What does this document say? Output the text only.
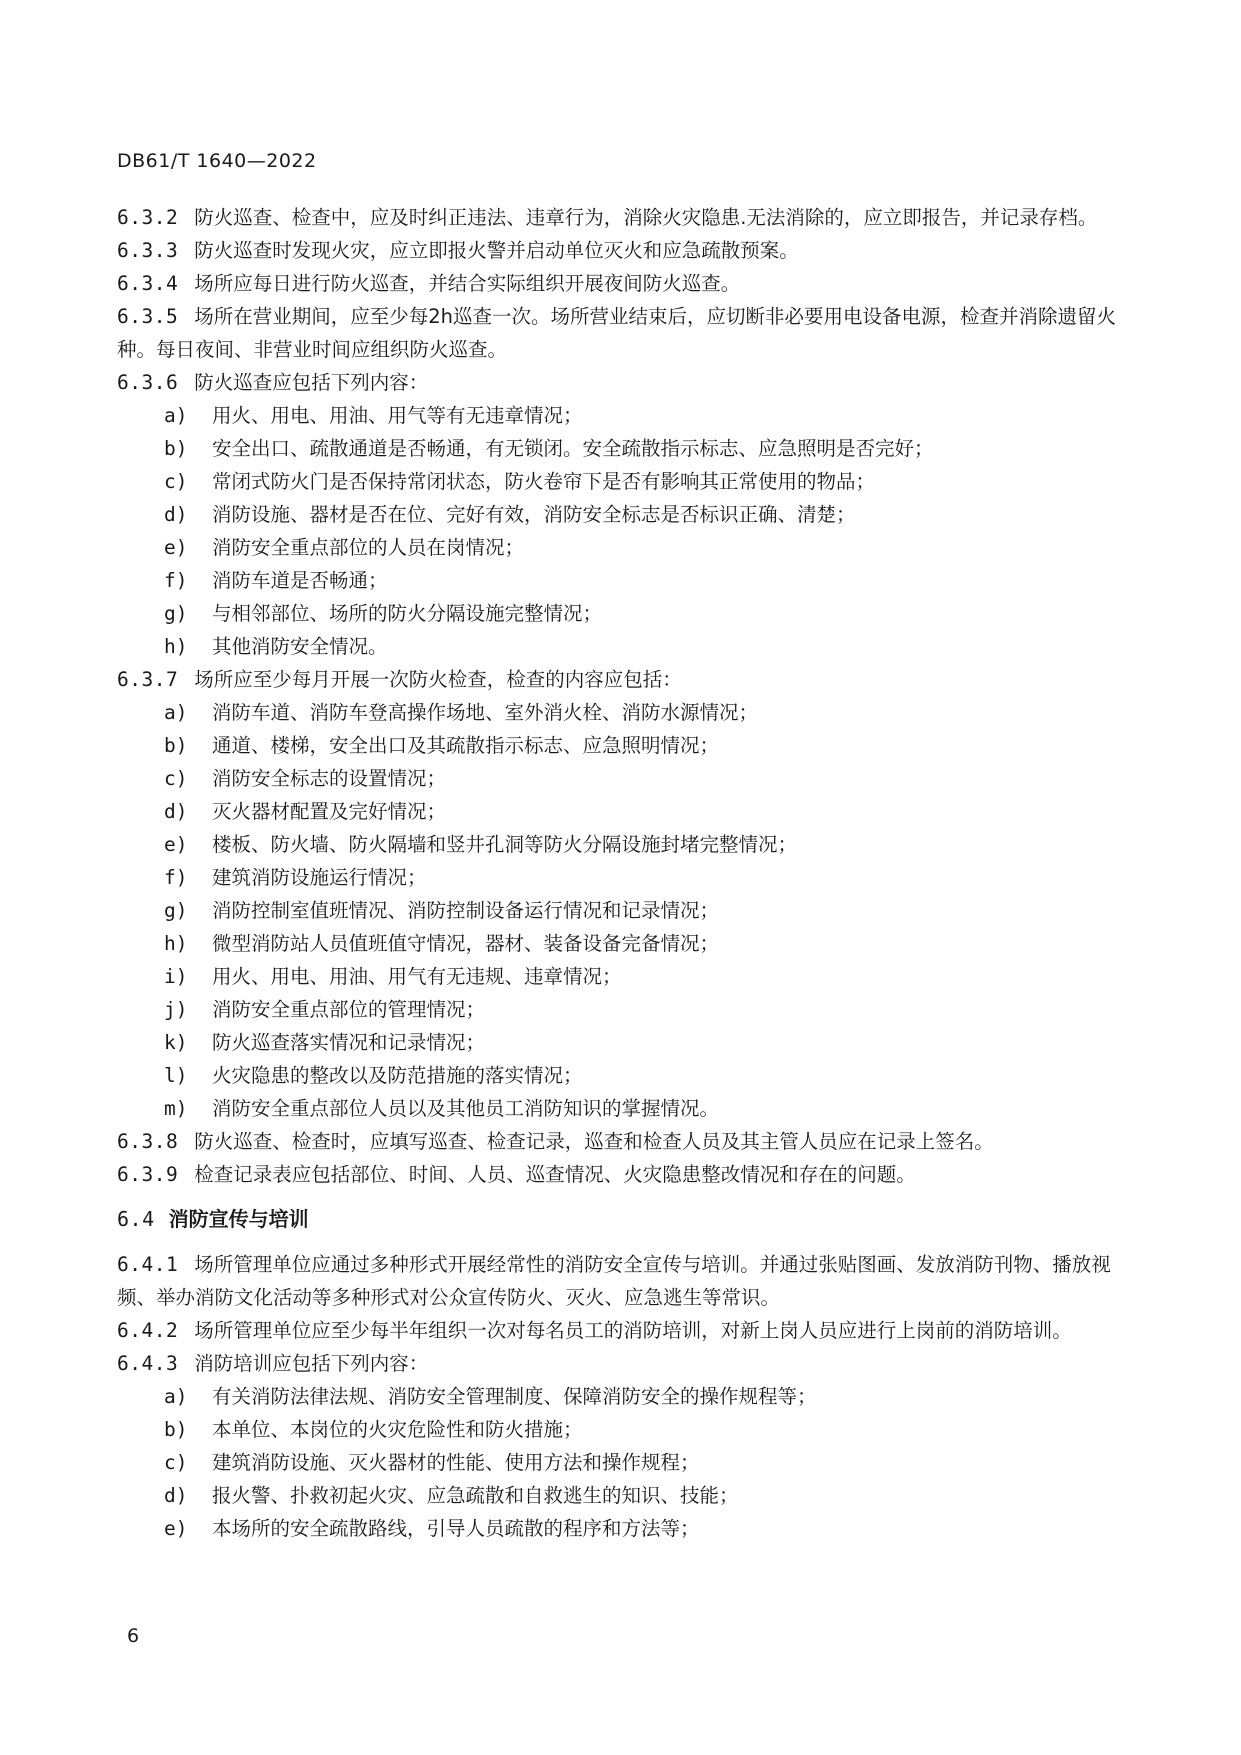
DB61/T 1640—2022

6.3.2 防火巡查、检查中，应及时纠正违法、违章行为，消除火灾隐患.无法消除的，应立即报告，并记录存档。

6.3.3 防火巡查时发现火灾，应立即报火警并启动单位灭火和应急疏散预案。

6.3.4 场所应每日进行防火巡查，并结合实际组织开展夜间防火巡查。

6.3.5 场所在营业期间，应至少每2h巡查一次。场所营业结束后，应切断非必要用电设备电源，检查并消除遗留火种。每日夜间、非营业时间应组织防火巡查。

6.3.6 防火巡查应包括下列内容：

a)	用火、用电、用油、用气等有无违章情况；
b)	安全出口、疏散通道是否畅通，有无锁闭。安全疏散指示标志、应急照明是否完好；
c)	常闭式防火门是否保持常闭状态，防火卷帘下是否有影响其正常使用的物品；
d)	消防设施、器材是否在位、完好有效，消防安全标志是否标识正确、清楚；
e)	消防安全重点部位的人员在岗情况；
f)	消防车道是否畅通；
g)	与相邻部位、场所的防火分隔设施完整情况；
h)	其他消防安全情况。

6.3.7 场所应至少每月开展一次防火检查，检查的内容应包括：

a)	消防车道、消防车登高操作场地、室外消火栓、消防水源情况；
b)	通道、楼梯，安全出口及其疏散指示标志、应急照明情况；
c)	消防安全标志的设置情况；
d)	灭火器材配置及完好情况；
e)	楼板、防火墙、防火隔墙和竖井孔洞等防火分隔设施封堵完整情况；
f)	建筑消防设施运行情况；
g)	消防控制室值班情况、消防控制设备运行情况和记录情况；
h)	微型消防站人员值班值守情况，器材、装备设备完备情况；
i)	用火、用电、用油、用气有无违规、违章情况；
j)	消防安全重点部位的管理情况；
k)	防火巡查落实情况和记录情况；
l)	火灾隐患的整改以及防范措施的落实情况；
m)	消防安全重点部位人员以及其他员工消防知识的掌握情况。

6.3.8 防火巡查、检查时，应填写巡查、检查记录，巡查和检查人员及其主管人员应在记录上签名。

6.3.9 检查记录表应包括部位、时间、人员、巡查情况、火灾隐患整改情况和存在的问题。

6.4 消防宣传与培训

6.4.1 场所管理单位应通过多种形式开展经常性的消防安全宣传与培训。并通过张贴图画、发放消防刊物、播放视频、举办消防文化活动等多种形式对公众宣传防火、灭火、应急逃生等常识。

6.4.2 场所管理单位应至少每半年组织一次对每名员工的消防培训，对新上岗人员应进行上岗前的消防培训。

6.4.3 消防培训应包括下列内容：

a)	有关消防法律法规、消防安全管理制度、保障消防安全的操作规程等；
b)	本单位、本岗位的火灾危险性和防火措施；
c)	建筑消防设施、灭火器材的性能、使用方法和操作规程；
d)	报火警、扑救初起火灾、应急疏散和自救逃生的知识、技能；
e)	本场所的安全疏散路线，引导人员疏散的程序和方法等；
6
